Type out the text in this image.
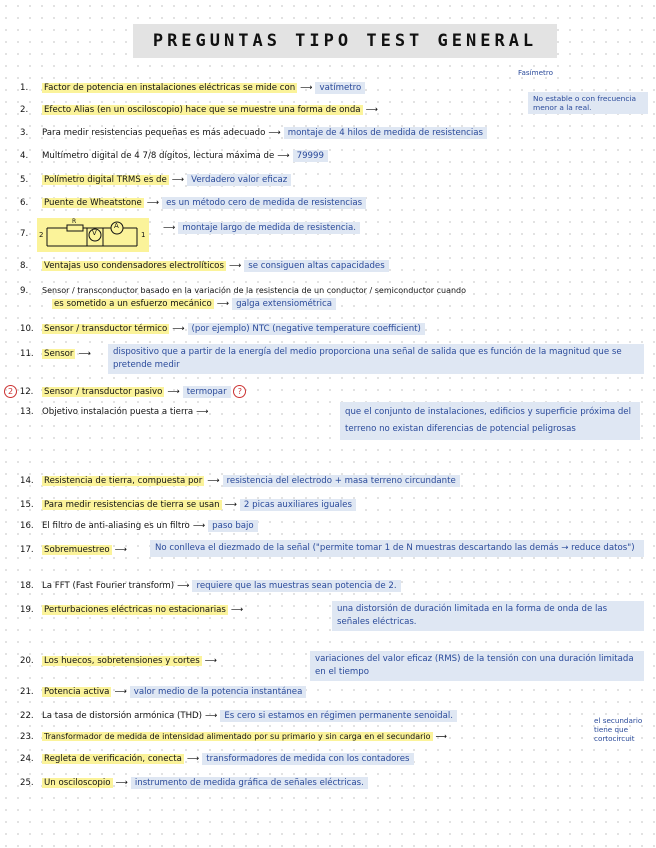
PREGUNTAS TIPO TEST GENERAL
Fasímetro
No estable o con frecuencia menor a la real.
el secundario tiene que cortocircuit
1.	Factor de potencia en instalaciones eléctricas se mide con ⟶ vatímetro
2.	Efecto Alias (en un osciloscopio) hace que se muestre una forma de onda ⟶
3.	Para medir resistencias pequeñas es más adecuado ⟶ montaje de 4 hilos de medida de resistencias
4.	Multímetro digital de 4 7/8 dígitos, lectura máxima de ⟶ 79999
5.	Polímetro digital TRMS es de ⟶ Verdadero valor eficaz
6.	Puente de Wheatstone ⟶ es un método cero de medida de resistencias
7.	V
A
R
2	1
⟶ montaje largo de medida de resistencia.
8.	Ventajas uso condensadores electrolíticos ⟶ se consiguen altas capacidades
9.	Sensor / transconductor basado en la variación de la resistencia de un conductor / semiconductor cuando
es sometido a un esfuerzo mecánico ⟶ galga extensiométrica
10.	Sensor / transductor térmico ⟶ (por ejemplo) NTC (negative temperature coefficient)
11.	Sensor ⟶	dispositivo que a partir de la energía del medio proporciona una señal de salida que es función de la magnitud que se pretende medir
2 12.	Sensor / transductor pasivo ⟶ termopar ?
13. Objetivo instalación puesta a tierra ⟶	que el conjunto de instalaciones, edificios y superficie próxima del terreno no existan diferencias de potencial peligrosas
14.	Resistencia de tierra, compuesta por ⟶ resistencia del electrodo + masa terreno circundante
15.	Para medir resistencias de tierra se usan ⟶ 2 picas auxiliares iguales
16. El filtro de anti-aliasing es un filtro ⟶ paso bajo
17.	Sobremuestreo ⟶	No conlleva el diezmado de la señal ("permite tomar 1 de N muestras descartando las demás → reduce datos")
18. La FFT (Fast Fourier transform) ⟶ requiere que las muestras sean potencia de 2.
19.	Perturbaciones eléctricas no estacionarias ⟶	una distorsión de duración limitada en la forma de onda de las señales eléctricas.
20.	Los huecos, sobretensiones y cortes ⟶	variaciones del valor eficaz (RMS) de la tensión con una duración limitada en el tiempo
21.	Potencia activa ⟶ valor medio de la potencia instantánea
22. La tasa de distorsión armónica (THD) ⟶ Es cero si estamos en régimen permanente senoidal.
23.	Transformador de medida de intensidad alimentado por su primario y sin carga en el secundario ⟶
24.	Regleta de verificación, conecta ⟶ transformadores de medida con los contadores
25.	Un osciloscopio ⟶ instrumento de medida gráfica de señales eléctricas.
